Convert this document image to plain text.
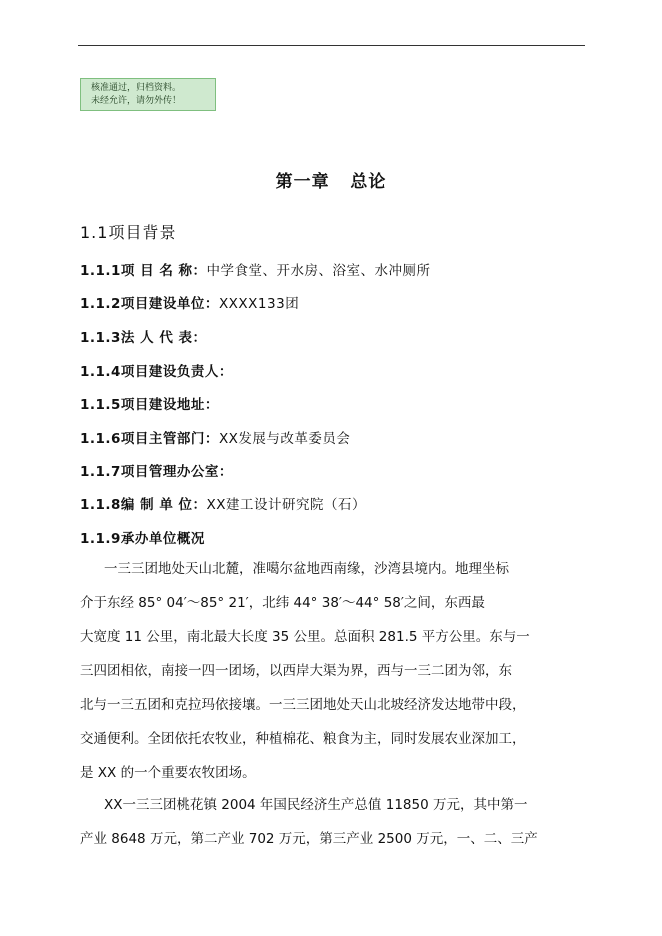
核准通过，归档资料。
未经允许，请勿外传！
第一章   总论
1.1项目背景
1.1.1项 目 名 称：中学食堂、开水房、浴室、水冲厕所
1.1.2项目建设单位：XXXX133团
1.1.3法 人 代 表：
1.1.4项目建设负责人：
1.1.5项目建设地址：
1.1.6项目主管部门：XX发展与改革委员会
1.1.7项目管理办公室：
1.1.8编 制 单 位：XX建工设计研究院（石）
1.1.9承办单位概况
一三三团地处天山北麓，准噶尔盆地西南缘，沙湾县境内。地理坐标
介于东经 85° 04′～85° 21′，北纬 44° 38′～44° 58′之间，东西最
大宽度 11 公里，南北最大长度 35 公里。总面积 281.5 平方公里。东与一
三四团相依，南接一四一团场，以西岸大渠为界，西与一三二团为邻，东
北与一三五团和克拉玛依接壤。一三三团地处天山北坡经济发达地带中段，
交通便利。全团依托农牧业，种植棉花、粮食为主，同时发展农业深加工，
是 XX 的一个重要农牧团场。
XX一三三团桃花镇 2004 年国民经济生产总值 11850 万元，其中第一
产业 8648 万元，第二产业 702 万元，第三产业 2500 万元，一、二、三产
